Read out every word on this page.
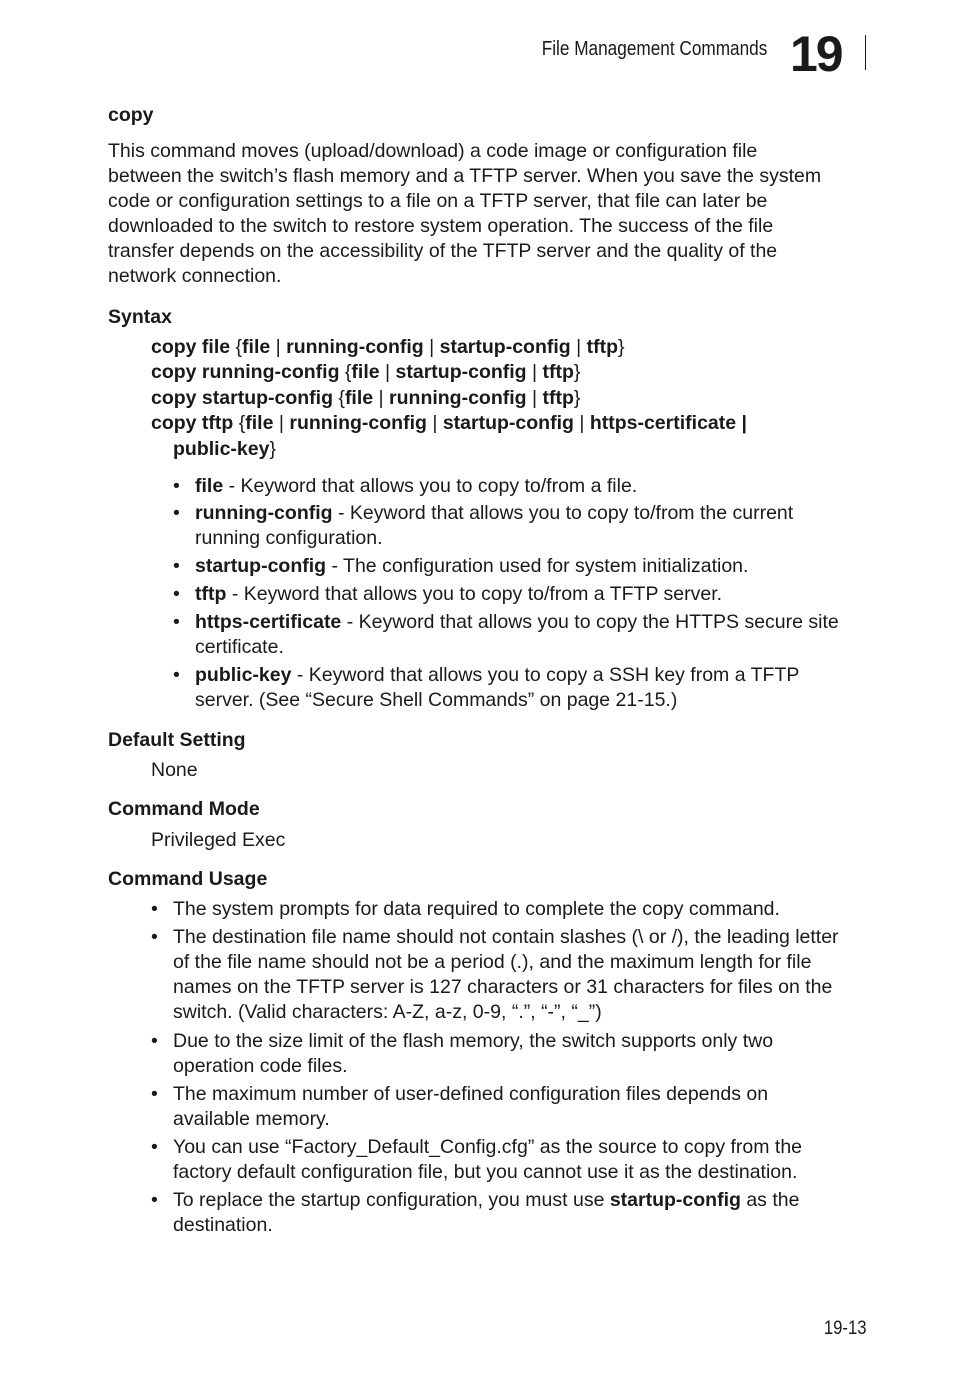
File Management Commands 19
copy
This command moves (upload/download) a code image or configuration file
between the switch’s flash memory and a TFTP server. When you save the system
code or configuration settings to a file on a TFTP server, that file can later be
downloaded to the switch to restore system operation. The success of the file
transfer depends on the accessibility of the TFTP server and the quality of the
network connection.
Syntax
copy file {file | running-config | startup-config | tftp}
copy running-config {file | startup-config | tftp}
copy startup-config {file | running-config | tftp}
copy tftp {file | running-config | startup-config | https-certificate |
public-key}
• file - Keyword that allows you to copy to/from a file.
• running-config - Keyword that allows you to copy to/from the current
running configuration.
• startup-config - The configuration used for system initialization.
• tftp - Keyword that allows you to copy to/from a TFTP server.
• https-certificate - Keyword that allows you to copy the HTTPS secure site
certificate.
• public-key - Keyword that allows you to copy a SSH key from a TFTP
server. (See “Secure Shell Commands” on page 21-15.)
Default Setting
None
Command Mode
Privileged Exec
Command Usage
• The system prompts for data required to complete the copy command.
• The destination file name should not contain slashes (\ or /), the leading letter
of the file name should not be a period (.), and the maximum length for file
names on the TFTP server is 127 characters or 31 characters for files on the
switch. (Valid characters: A-Z, a-z, 0-9, “.”, “-”, “_”)
• Due to the size limit of the flash memory, the switch supports only two
operation code files.
• The maximum number of user-defined configuration files depends on
available memory.
• You can use “Factory_Default_Config.cfg” as the source to copy from the
factory default configuration file, but you cannot use it as the destination.
• To replace the startup configuration, you must use startup-config as the
destination.
19-13
